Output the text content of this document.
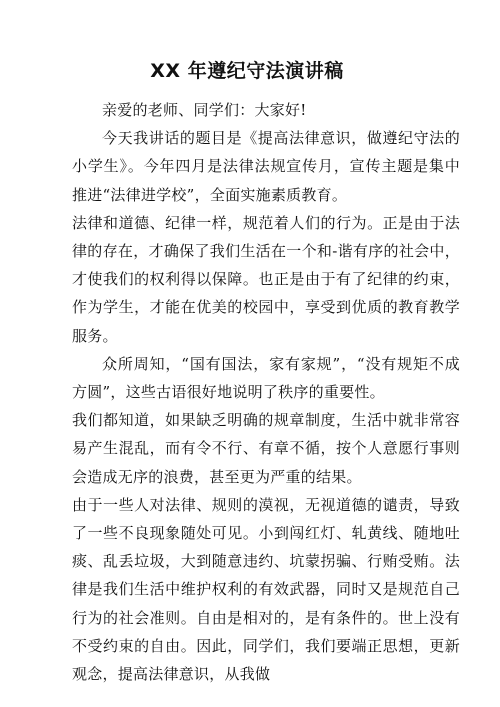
XX 年遵纪守法演讲稿

亲爱的老师、同学们：大家好!

今天我讲话的题目是《提高法律意识，做遵纪守法的小学生》。今年四月是法律法规宣传月，宣传主题是集中推进“法律进学校”，全面实施素质教育。

法律和道德、纪律一样，规范着人们的行为。正是由于法律的存在，才确保了我们生活在一个和-谐有序的社会中，才使我们的权利得以保障。也正是由于有了纪律的约束，作为学生，才能在优美的校园中，享受到优质的教育教学服务。

众所周知，“国有国法，家有家规”，“没有规矩不成方圆”，这些古语很好地说明了秩序的重要性。

我们都知道，如果缺乏明确的规章制度，生活中就非常容易产生混乱，而有令不行、有章不循，按个人意愿行事则会造成无序的浪费，甚至更为严重的结果。

由于一些人对法律、规则的漠视，无视道德的谴责，导致了一些不良现象随处可见。小到闯红灯、轧黄线、随地吐痰、乱丢垃圾，大到随意违约、坑蒙拐骗、行贿受贿。法律是我们生活中维护权利的有效武器，同时又是规范自己行为的社会准则。自由是相对的，是有条件的。世上没有不受约束的自由。因此，同学们，我们要端正思想，更新观念，提高法律意识，从我做
